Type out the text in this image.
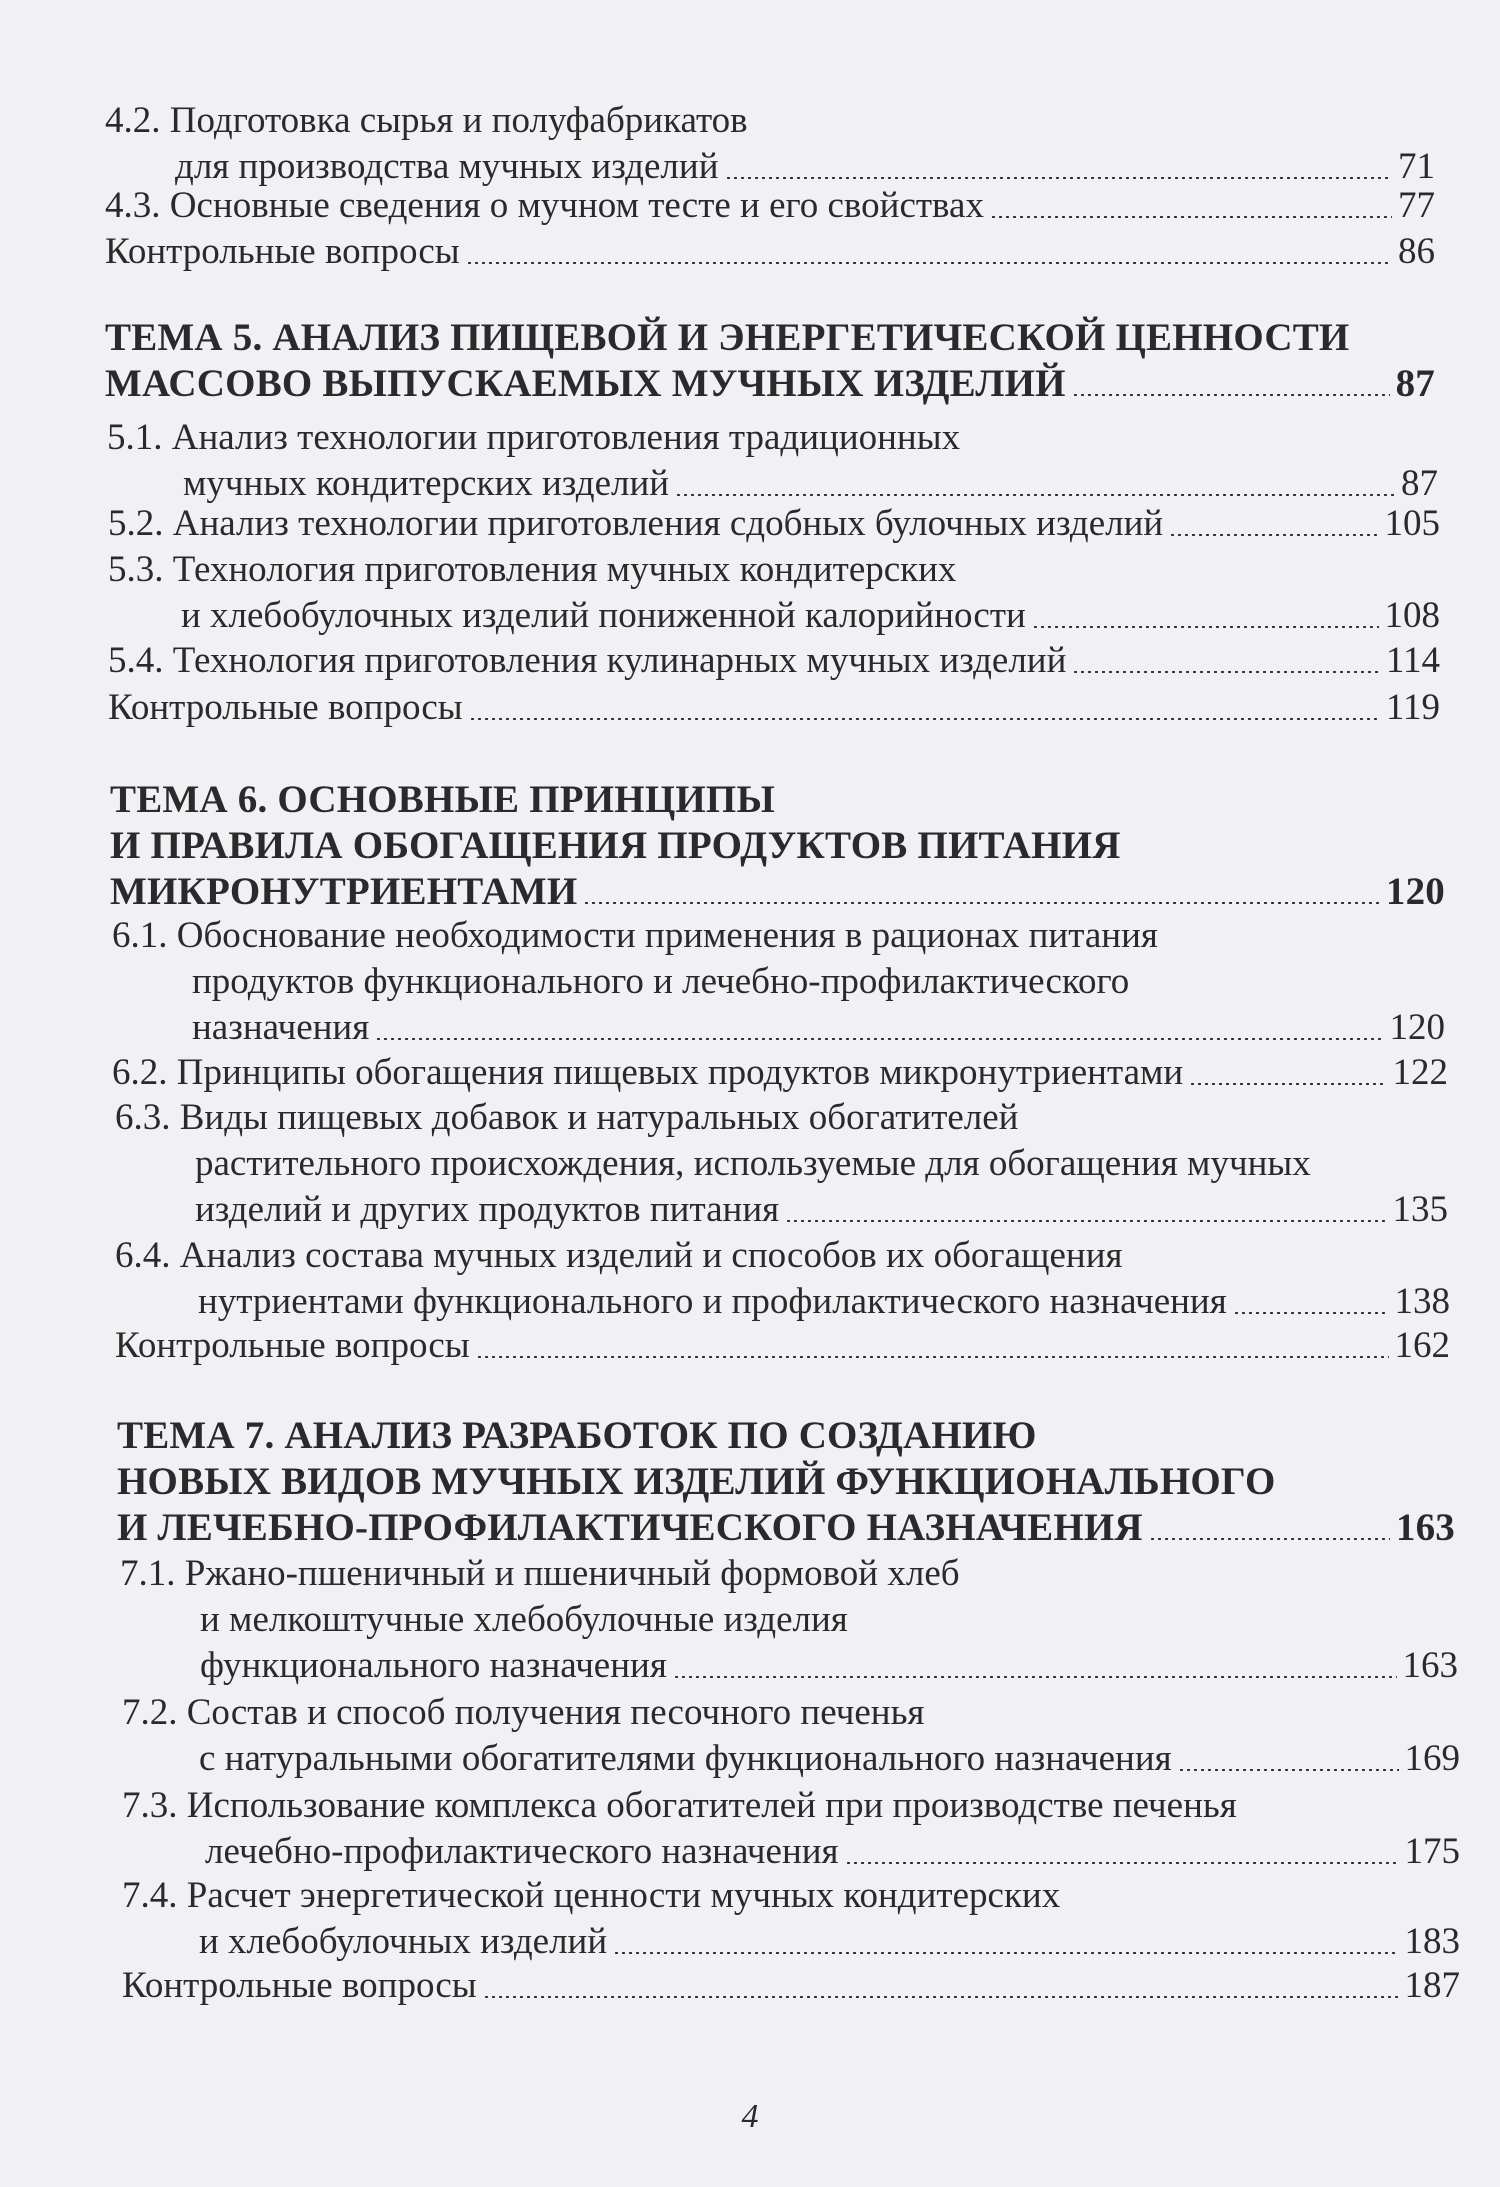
4.2. Подготовка сырья и полуфабрикатов
для производства мучных изделий	71
4.3. Основные сведения о мучном тесте и его свойствах	77
Контрольные вопросы	86
ТЕМА 5. АНАЛИЗ ПИЩЕВОЙ И ЭНЕРГЕТИЧЕСКОЙ ЦЕННОСТИ
МАССОВО ВЫПУСКАЕМЫХ МУЧНЫХ ИЗДЕЛИЙ	87
5.1. Анализ технологии приготовления традиционных
мучных кондитерских изделий	87
5.2. Анализ технологии приготовления сдобных булочных изделий	105
5.3. Технология приготовления мучных кондитерских
и хлебобулочных изделий пониженной калорийности	108
5.4. Технология приготовления кулинарных мучных изделий	114
Контрольные вопросы	119
ТЕМА 6. ОСНОВНЫЕ ПРИНЦИПЫ
И ПРАВИЛА ОБОГАЩЕНИЯ ПРОДУКТОВ ПИТАНИЯ
МИКРОНУТРИЕНТАМИ	120
6.1. Обоснование необходимости применения в рационах питания
продуктов функционального и лечебно-профилактического
назначения	120
6.2. Принципы обогащения пищевых продуктов микронутриентами	122
6.3. Виды пищевых добавок и натуральных обогатителей
растительного происхождения, используемые для обогащения мучных
изделий и других продуктов питания	135
6.4. Анализ состава мучных изделий и способов их обогащения
нутриентами функционального и профилактического назначения	138
Контрольные вопросы	162
ТЕМА 7. АНАЛИЗ РАЗРАБОТОК ПО СОЗДАНИЮ
НОВЫХ ВИДОВ МУЧНЫХ ИЗДЕЛИЙ ФУНКЦИОНАЛЬНОГО
И ЛЕЧЕБНО-ПРОФИЛАКТИЧЕСКОГО НАЗНАЧЕНИЯ	163
7.1. Ржано-пшеничный и пшеничный формовой хлеб
и мелкоштучные хлебобулочные изделия
функционального назначения	163
7.2. Состав и способ получения песочного печенья
с натуральными обогатителями функционального назначения	169
7.3. Использование комплекса обогатителей при производстве печенья
лечебно-профилактического назначения	175
7.4. Расчет энергетической ценности мучных кондитерских
и хлебобулочных изделий	183
Контрольные вопросы	187
4
